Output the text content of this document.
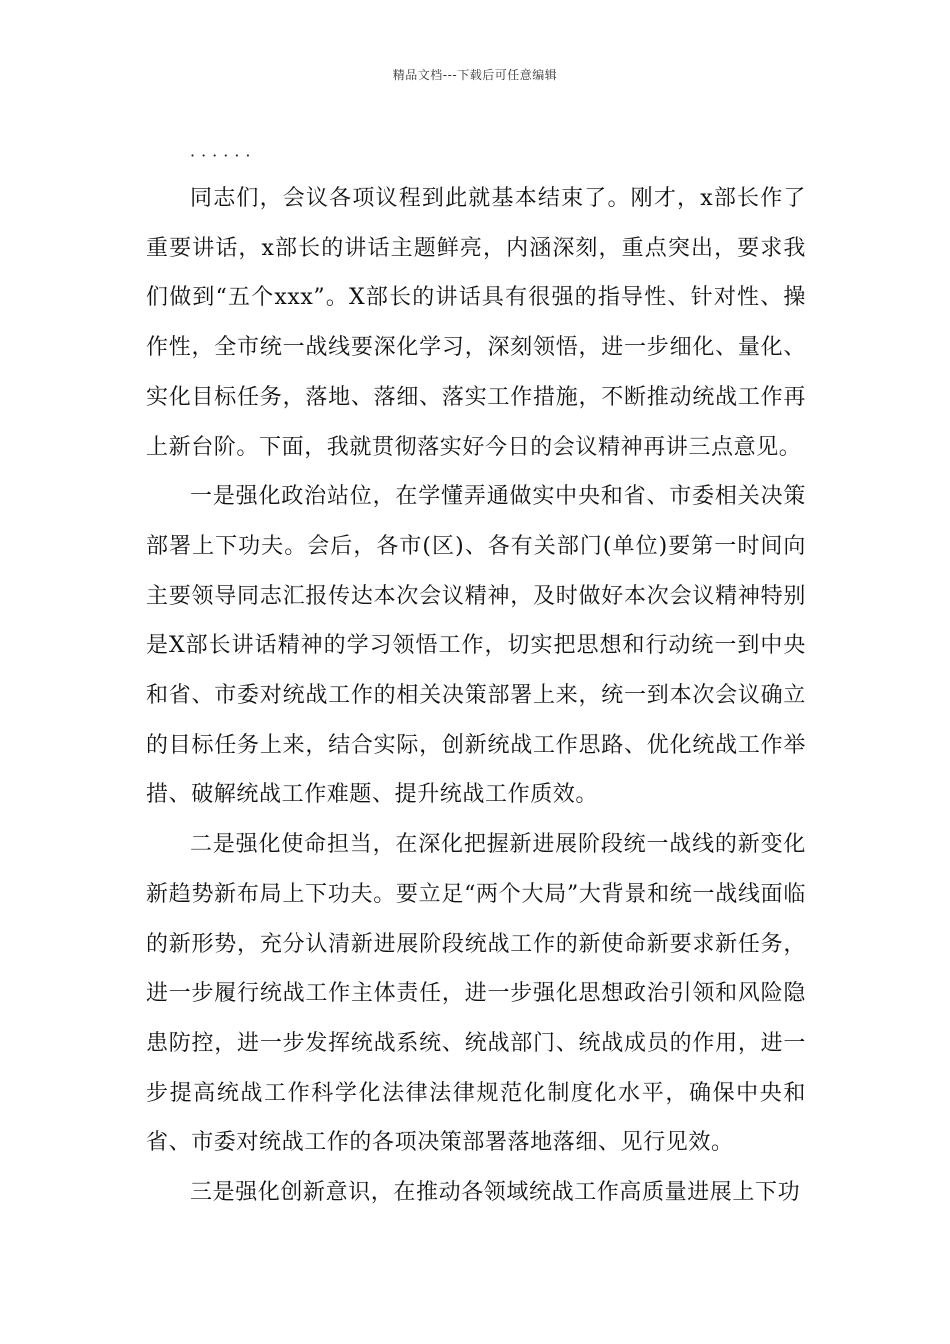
精品文档---下载后可任意编辑
······

同志们，会议各项议程到此就基本结束了。刚才，x部长作了重要讲话，x部长的讲话主题鲜亮，内涵深刻，重点突出，要求我们做到“五个xxx”。X部长的讲话具有很强的指导性、针对性、操作性，全市统一战线要深化学习，深刻领悟，进一步细化、量化、实化目标任务，落地、落细、落实工作措施，不断推动统战工作再上新台阶。下面，我就贯彻落实好今日的会议精神再讲三点意见。

一是强化政治站位，在学懂弄通做实中央和省、市委相关决策部署上下功夫。会后，各市(区)、各有关部门(单位)要第一时间向主要领导同志汇报传达本次会议精神，及时做好本次会议精神特别是X部长讲话精神的学习领悟工作，切实把思想和行动统一到中央和省、市委对统战工作的相关决策部署上来，统一到本次会议确立的目标任务上来，结合实际，创新统战工作思路、优化统战工作举措、破解统战工作难题、提升统战工作质效。

二是强化使命担当，在深化把握新进展阶段统一战线的新变化新趋势新布局上下功夫。要立足“两个大局”大背景和统一战线面临的新形势，充分认清新进展阶段统战工作的新使命新要求新任务，进一步履行统战工作主体责任，进一步强化思想政治引领和风险隐患防控，进一步发挥统战系统、统战部门、统战成员的作用，进一步提高统战工作科学化法律法律规范化制度化水平，确保中央和省、市委对统战工作的各项决策部署落地落细、见行见效。

三是强化创新意识，在推动各领域统战工作高质量进展上下功
